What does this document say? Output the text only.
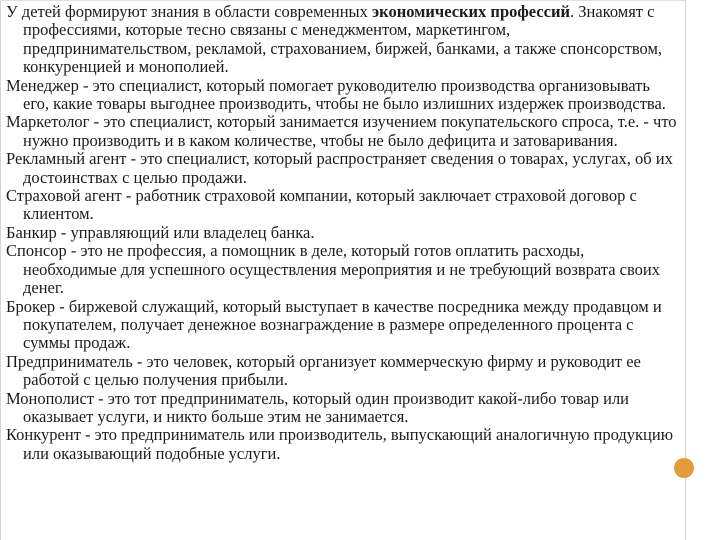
У детей формируют знания в области современных экономических профессий. Знакомят с профессиями, которые тесно связаны с менеджментом, маркетингом, предпринимательством, рекламой, страхованием, биржей, банками, а также спонсорством, конкуренцией и монополией.

Менеджер - это специалист, который помогает руководителю производства организовывать его, какие товары выгоднее производить, чтобы не было излишних издержек производства.

Маркетолог - это специалист, который занимается изучением покупательского спроса, т.е. - что нужно производить и в каком количестве, чтобы не было дефицита и затоваривания.

Рекламный агент - это специалист, который распространяет сведения о товарах, услугах, об их достоинствах с целью продажи.

Страховой агент - работник страховой компании, который заключает страховой договор с клиентом.

Банкир - управляющий или владелец банка.

Спонсор - это не профессия, а помощник в деле, который готов оплатить расходы, необходимые для успешного осуществления мероприятия и не требующий возврата своих денег.

Брокер - биржевой служащий, который выступает в качестве посредника между продавцом и покупателем, получает денежное вознаграждение в размере определенного процента с суммы продаж.

Предприниматель - это человек, который организует коммерческую фирму и руководит ее работой с целью получения прибыли.

Монополист - это тот предприниматель, который один производит какой-либо товар или оказывает услуги, и никто больше этим не занимается.

Конкурент - это предприниматель или производитель, выпускающий аналогичную продукцию или оказывающий подобные услуги.
